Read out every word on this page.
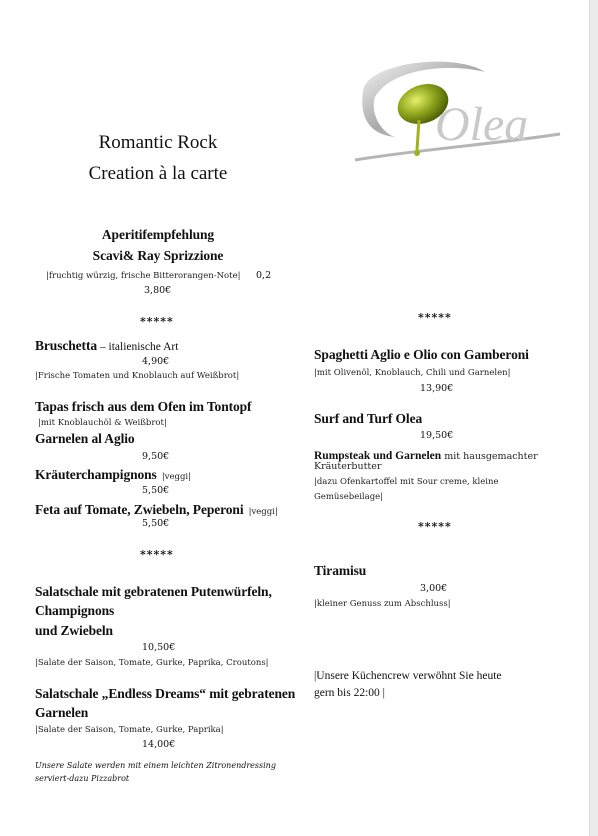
Olea
Romantic Rock
Creation à la carte
Aperitifempfehlung
Scavi& Ray Sprizzione
|fruchtig würzig, frische Bitterorangen-Note| 0,2
3,80€
*****
Bruschetta – italienische Art
4,90€
|Frische Tomaten und Knoblauch auf Weißbrot|
Tapas frisch aus dem Ofen im Tontopf
|mit Knoblauchöl & Weißbrot|
Garnelen al Aglio
9,50€
Kräuterchampignons |veggi|
5,50€
Feta auf Tomate, Zwiebeln, Peperoni |veggi|
5,50€
*****
Salatschale mit gebratenen Putenwürfeln,
Champignons
und Zwiebeln
10,50€
|Salate der Saison, Tomate, Gurke, Paprika, Croutons|
Salatschale „Endless Dreams“ mit gebratenen
Garnelen
|Salate der Saison, Tomate, Gurke, Paprika|
14,00€
Unsere Salate werden mit einem leichten Zitronendressing
serviert-dazu Pizzabrot
*****
Spaghetti Aglio e Olio con Gamberoni
|mit Olivenöl, Knoblauch, Chili und Garnelen|
13,90€
Surf and Turf Olea
19,50€
Rumpsteak und Garnelen mit hausgemachter
Kräuterbutter
|dazu Ofenkartoffel mit Sour creme, kleine
Gemüsebeilage|
*****
Tiramisu
3,00€
|kleiner Genuss zum Abschluss|
|Unsere Küchencrew verwöhnt Sie heute
gern bis 22:00 |
